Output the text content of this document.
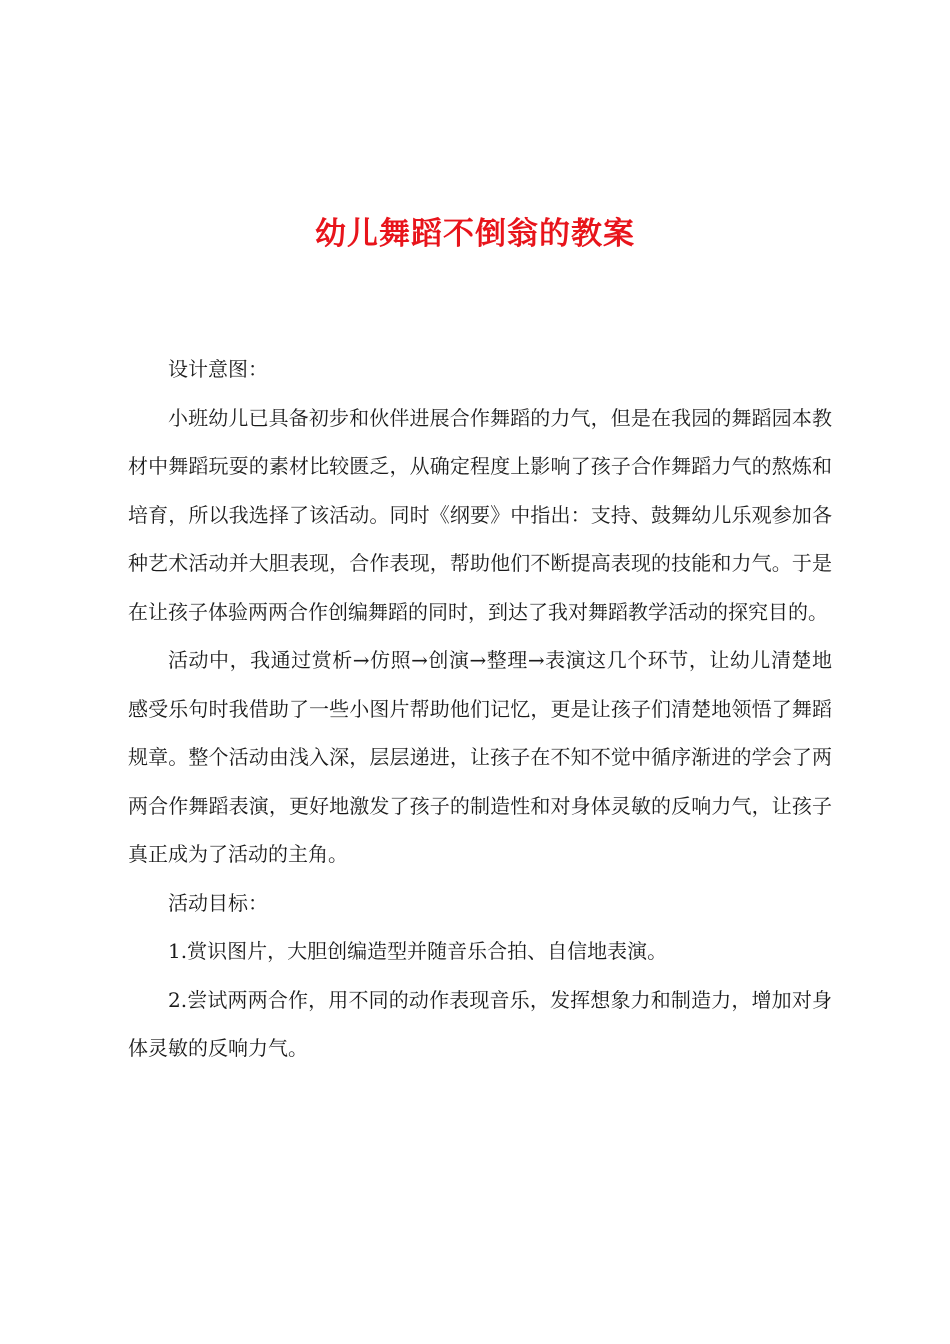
幼儿舞蹈不倒翁的教案

设计意图：

小班幼儿已具备初步和伙伴进展合作舞蹈的力气，但是在我园的舞蹈园本教材中舞蹈玩耍的素材比较匮乏，从确定程度上影响了孩子合作舞蹈力气的熬炼和培育，所以我选择了该活动。同时《纲要》中指出：支持、鼓舞幼儿乐观参加各种艺术活动并大胆表现，合作表现，帮助他们不断提高表现的技能和力气。于是在让孩子体验两两合作创编舞蹈的同时，到达了我对舞蹈教学活动的探究目的。

活动中，我通过赏析→仿照→创演→整理→表演这几个环节，让幼儿清楚地感受乐句时我借助了一些小图片帮助他们记忆，更是让孩子们清楚地领悟了舞蹈规章。整个活动由浅入深，层层递进，让孩子在不知不觉中循序渐进的学会了两两合作舞蹈表演，更好地激发了孩子的制造性和对身体灵敏的反响力气，让孩子真正成为了活动的主角。

活动目标：

1.赏识图片，大胆创编造型并随音乐合拍、自信地表演。

2.尝试两两合作，用不同的动作表现音乐，发挥想象力和制造力，增加对身体灵敏的反响力气。
